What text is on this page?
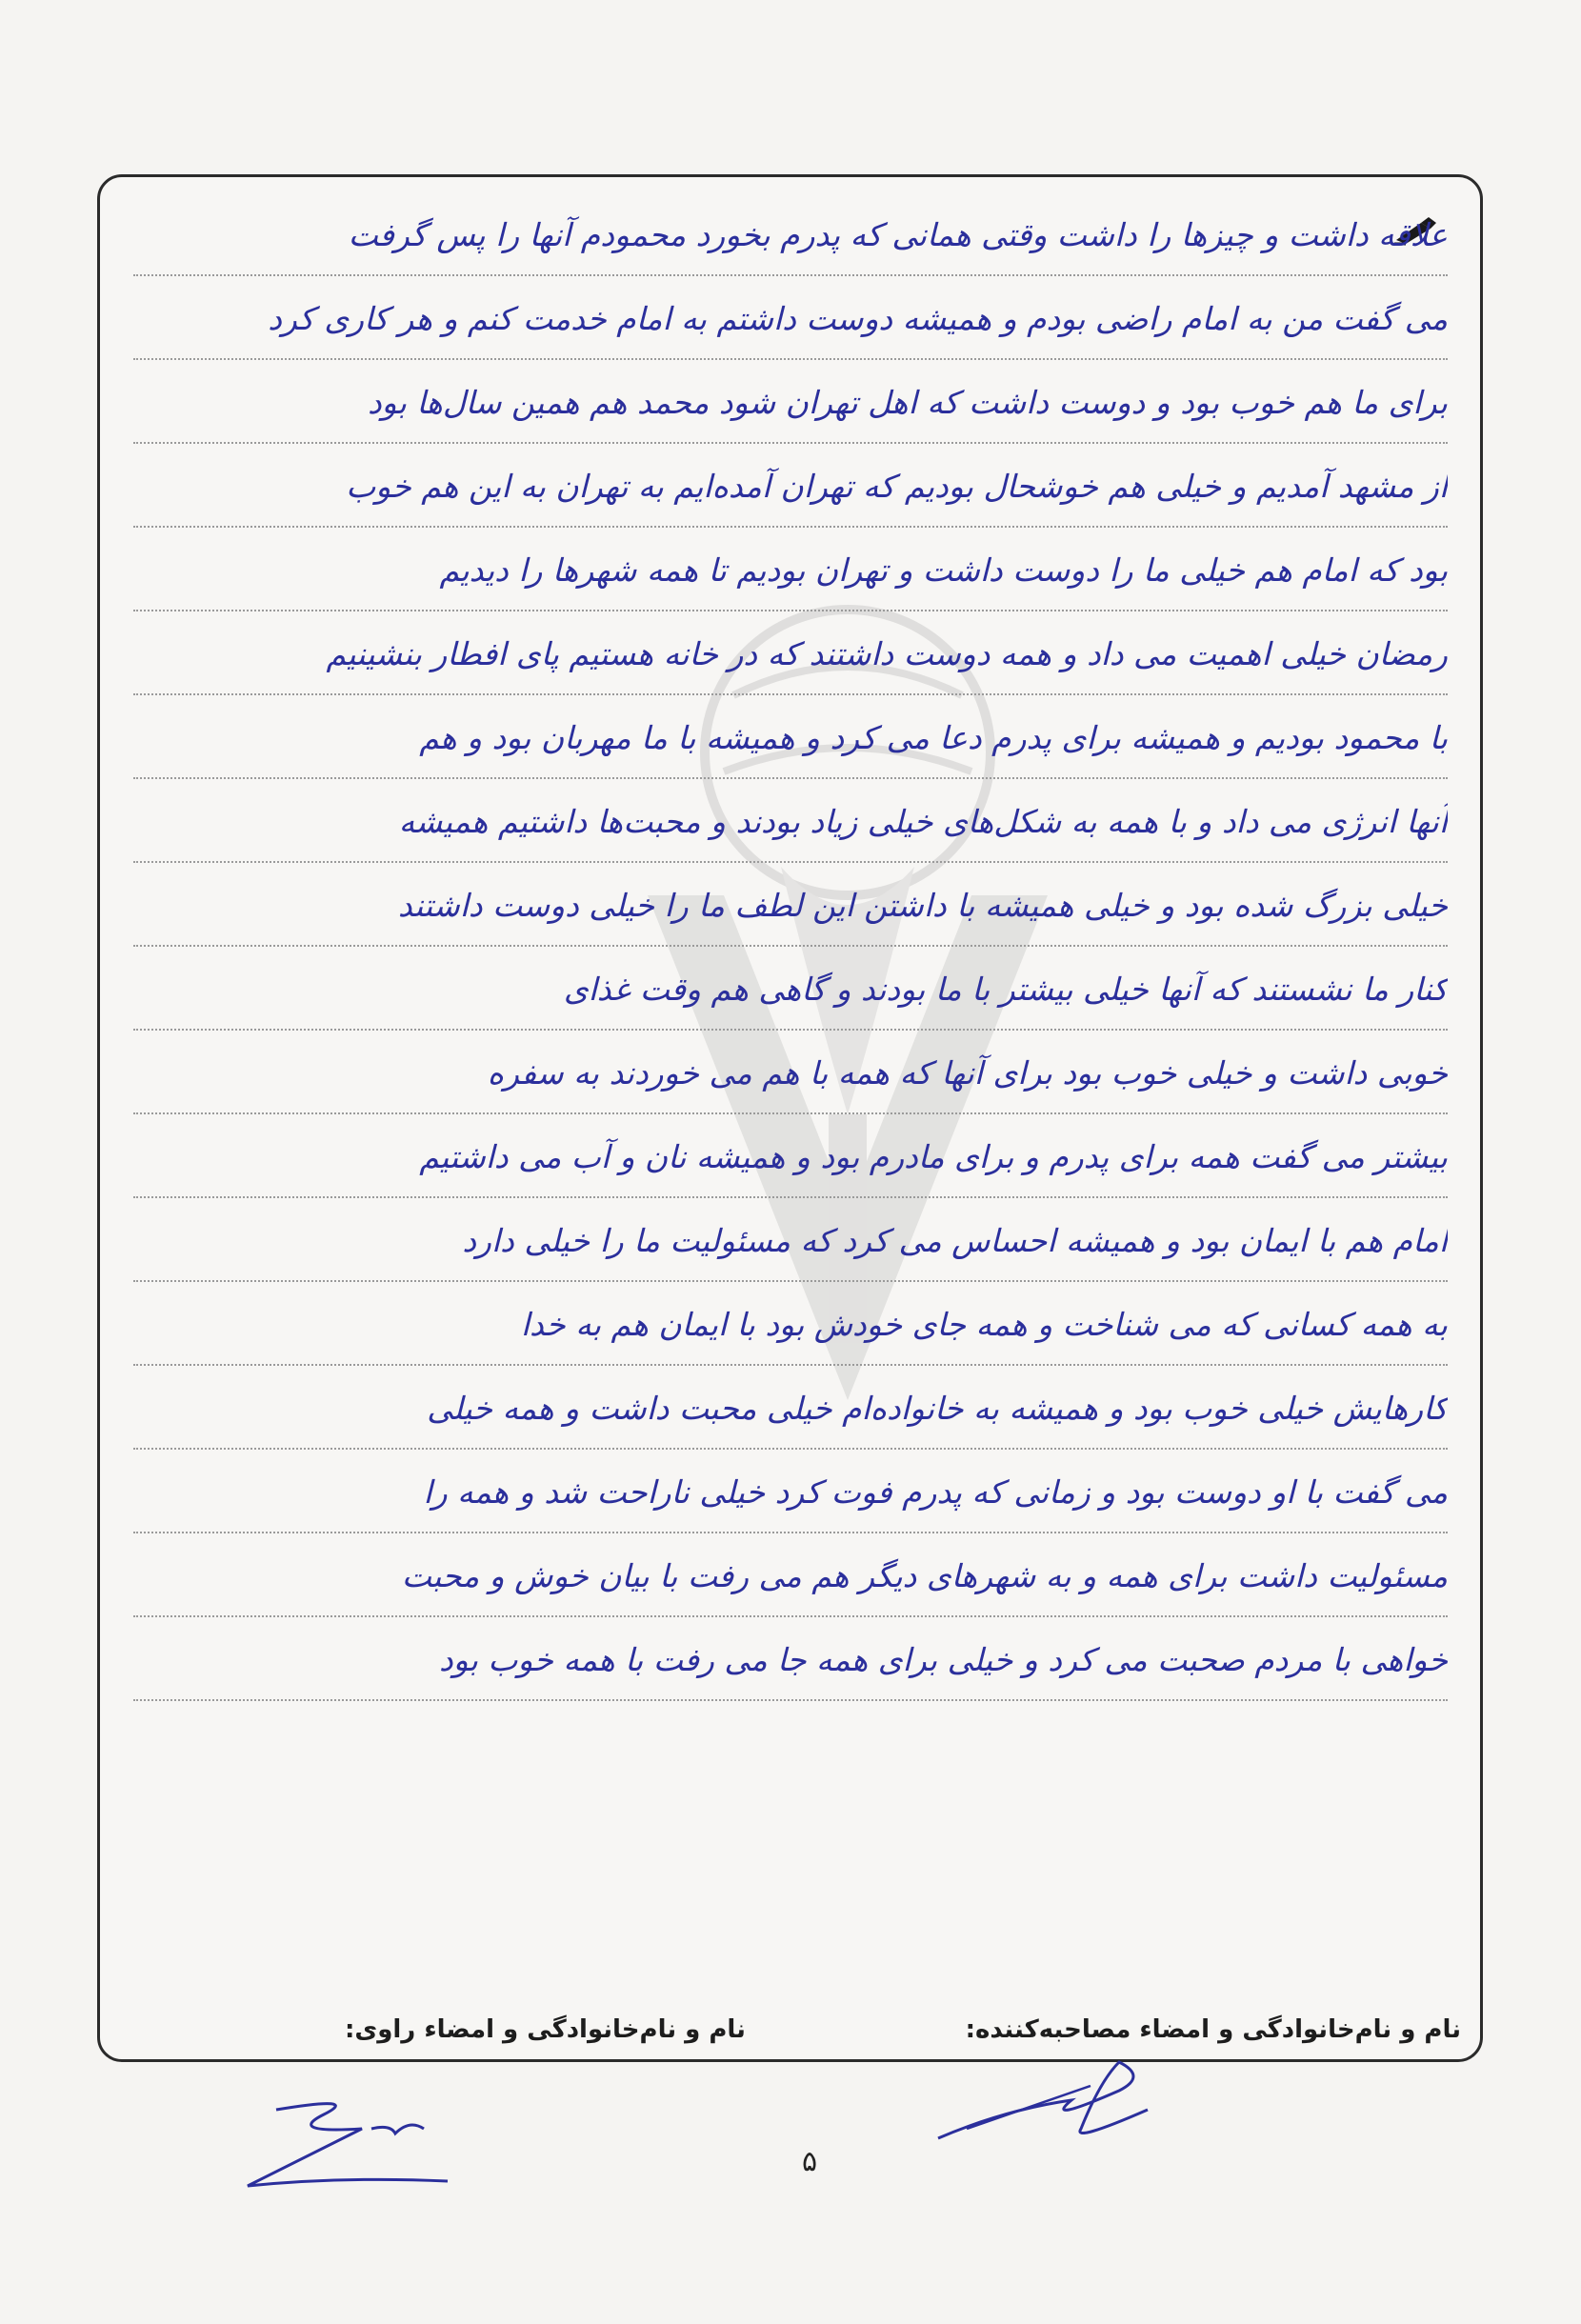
علاقه داشت و چیزها را داشت وقتی همانی که پدرم بخورد محمودم آنها را پس گرفت
می گفت من به امام راضی بودم و همیشه دوست داشتم به امام خدمت کنم و هر کاری کرد
برای ما هم خوب بود و دوست داشت که اهل تهران شود محمد هم همین سال‌ها بود
از مشهد آمدیم و خیلی هم خوشحال بودیم که تهران آمده‌ایم به تهران به این هم خوب
بود که امام هم خیلی ما را دوست داشت و تهران بودیم تا همه شهرها را دیدیم
رمضان خیلی اهمیت می داد و همه دوست داشتند که در خانه هستیم پای افطار بنشینیم
با محمود بودیم و همیشه برای پدرم دعا می کرد و همیشه با ما مهربان بود و هم
آنها انرژی می داد و با همه به شکل‌های خیلی زیاد بودند و محبت‌ها داشتیم همیشه
خیلی بزرگ شده بود و خیلی همیشه با داشتن این لطف ما را خیلی دوست داشتند
کنار ما نشستند که آنها خیلی بیشتر با ما بودند و گاهی هم وقت غذای
خوبی داشت و خیلی خوب بود برای آنها که همه با هم می خوردند به سفره
بیشتر می گفت همه برای پدرم و برای مادرم بود و همیشه نان و آب می داشتیم
امام هم با ایمان بود و همیشه احساس می کرد که مسئولیت ما را خیلی دارد
به همه کسانی که می شناخت و همه جای خودش بود با ایمان هم به خدا
کارهایش خیلی خوب بود و همیشه به خانواده‌ام خیلی محبت داشت و همه خیلی
می گفت با او دوست بود و زمانی که پدرم فوت کرد خیلی ناراحت شد و همه را
مسئولیت داشت برای همه و به شهرهای دیگر هم می رفت با بیان خوش و محبت
خواهی با مردم صحبت می کرد و خیلی برای همه جا می رفت با همه خوب بود
نام و نام‌خانوادگی و امضاء مصاحبه‌کننده:
نام و نام‌خانوادگی و امضاء راوی:
۵
